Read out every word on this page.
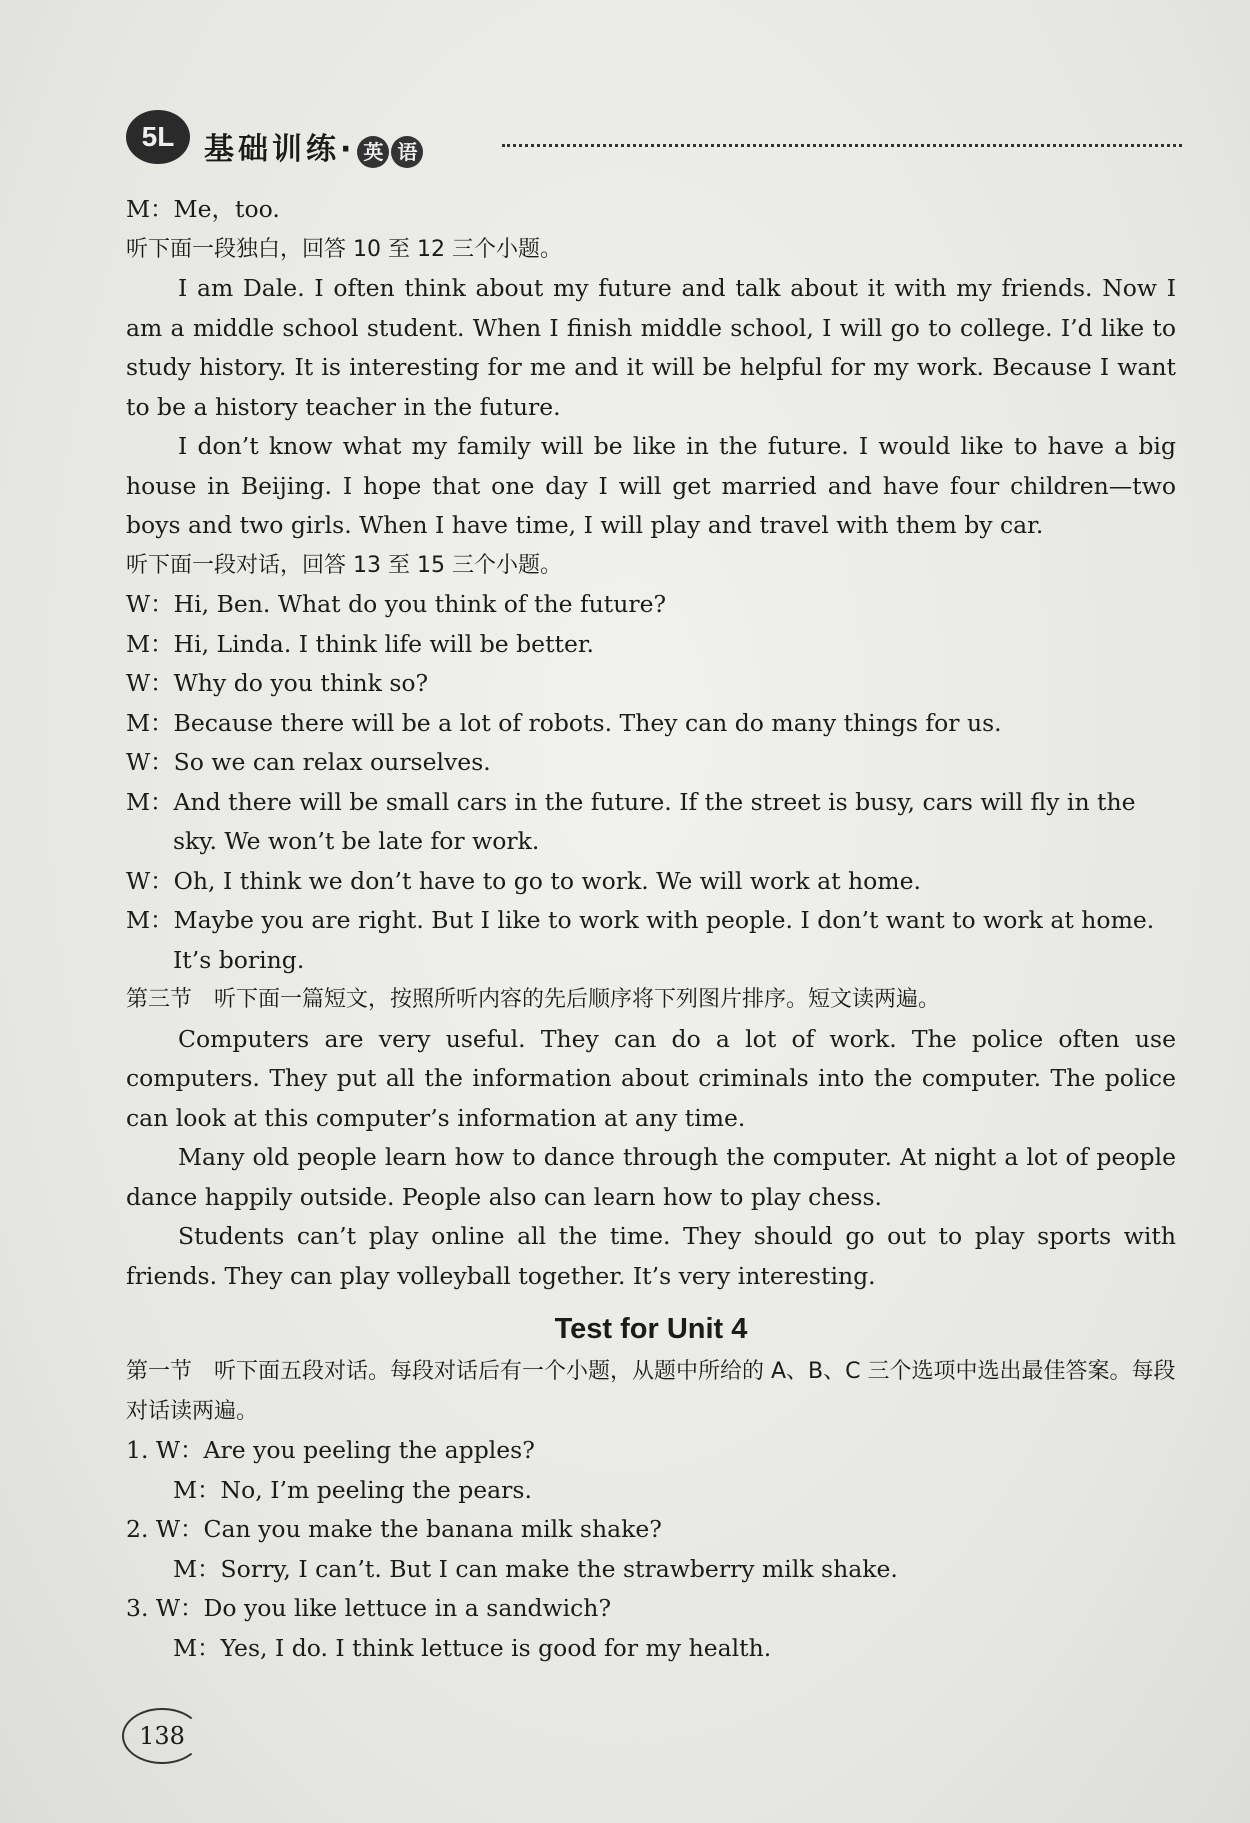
5L 基础训练· 英 语

M：Me，too.

听下面一段独白，回答 10 至 12 三个小题。

I am Dale. I often think about my future and talk about it with my friends. Now I am a middle school student. When I finish middle school, I will go to college. I’d like to study history. It is interesting for me and it will be helpful for my work. Because I want to be a history teacher in the future.

I don’t know what my family will be like in the future. I would like to have a big house in Beijing. I hope that one day I will get married and have four children—two boys and two girls. When I have time, I will play and travel with them by car.

听下面一段对话，回答 13 至 15 三个小题。

W：Hi, Ben. What do you think of the future?

M：Hi, Linda. I think life will be better.

W：Why do you think so?

M：Because there will be a lot of robots. They can do many things for us.

W：So we can relax ourselves.

M：And there will be small cars in the future. If the street is busy, cars will fly in the sky. We won’t be late for work.

W：Oh, I think we don’t have to go to work. We will work at home.

M：Maybe you are right. But I like to work with people. I don’t want to work at home. It’s boring.

第三节　听下面一篇短文，按照所听内容的先后顺序将下列图片排序。短文读两遍。

Computers are very useful. They can do a lot of work. The police often use computers. They put all the information about criminals into the computer. The police can look at this computer’s information at any time.

Many old people learn how to dance through the computer. At night a lot of people dance happily outside. People also can learn how to play chess.

Students can’t play online all the time. They should go out to play sports with friends. They can play volleyball together. It’s very interesting.

Test for Unit 4

第一节　听下面五段对话。每段对话后有一个小题，从题中所给的 A、B、C 三个选项中选出最佳答案。每段对话读两遍。

1. W：Are you peeling the apples?

M：No, I’m peeling the pears.

2. W：Can you make the banana milk shake?

M：Sorry, I can’t. But I can make the strawberry milk shake.

3. W：Do you like lettuce in a sandwich?

M：Yes, I do. I think lettuce is good for my health.

138
